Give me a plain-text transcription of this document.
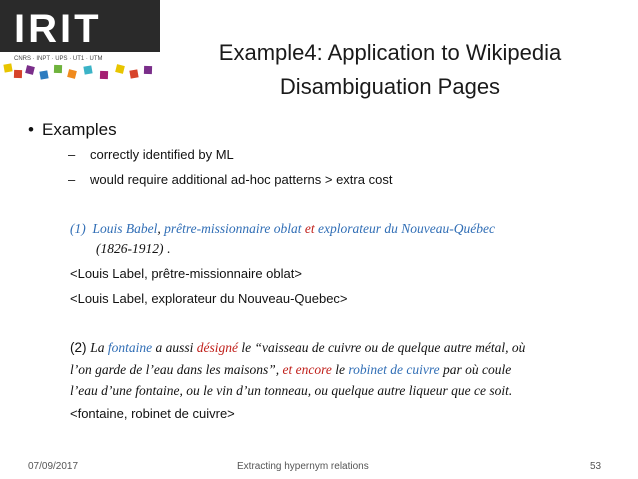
IRIT
CNRS · INPT · UPS · UT1 · UTM	Example4: Application to Wikipedia
Disambiguation Pages
• Examples
– correctly identified by ML
– would require additional ad-hoc patterns > extra cost
(1) Louis Babel, prêtre-missionnaire oblat et explorateur du Nouveau-Québec
(1826-1912) .
<Louis Label, prêtre-missionnaire oblat>
<Louis Label, explorateur du Nouveau-Quebec>
(2) La fontaine a aussi désigné le “vaisseau de cuivre ou de quelque autre métal, où
l’on garde de l’eau dans les maisons”, et encore le robinet de cuivre par où coule
l’eau d’une fontaine, ou le vin d’un tonneau, ou quelque autre liqueur que ce soit.
<fontaine, robinet de cuivre>
07/09/2017	Extracting hypernym relations	53
